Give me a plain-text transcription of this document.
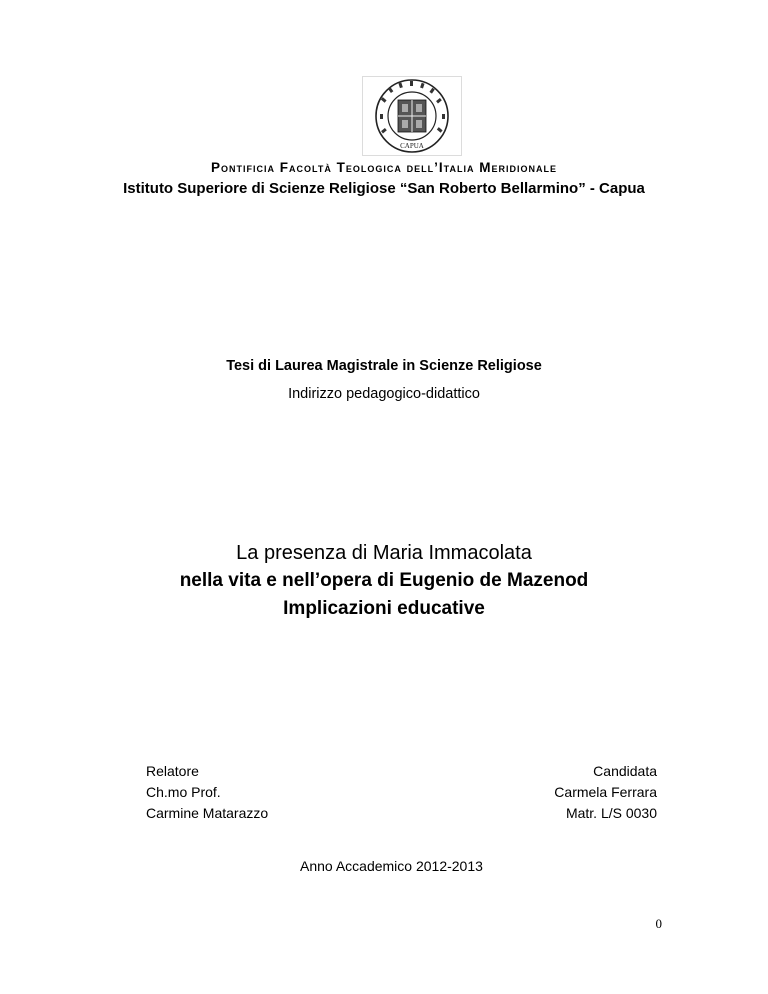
CAPUA
Pontificia Facoltà Teologica dell’Italia Meridionale
Istituto Superiore di Scienze Religiose “San Roberto Bellarmino” - Capua
Tesi di Laurea Magistrale in Scienze Religiose
Indirizzo pedagogico-didattico
La presenza di Maria Immacolata
nella vita e nell’opera di Eugenio de Mazenod
Implicazioni educative
Relatore
Ch.mo Prof.
Carmine Matarazzo
Candidata
Carmela Ferrara
Matr. L/S 0030
Anno Accademico 2012-2013
0
